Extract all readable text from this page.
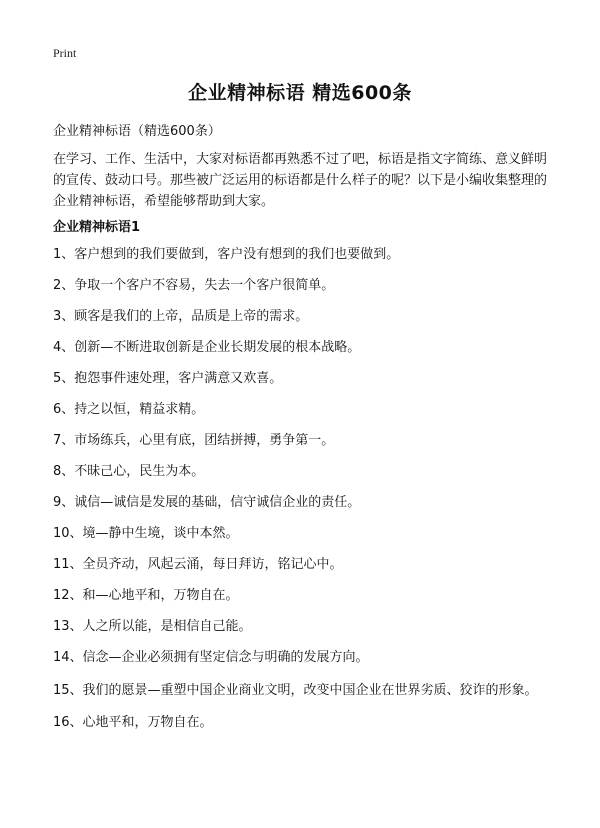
Print
企业精神标语 精选600条

企业精神标语（精选600条）

在学习、工作、生活中，大家对标语都再熟悉不过了吧，标语是指文字简练、意义鲜明的宣传、鼓动口号。那些被广泛运用的标语都是什么样子的呢？以下是小编收集整理的企业精神标语，希望能够帮助到大家。

企业精神标语1
1、客户想到的我们要做到，客户没有想到的我们也要做到。
2、争取一个客户不容易，失去一个客户很简单。
3、顾客是我们的上帝，品质是上帝的需求。
4、创新—不断进取创新是企业长期发展的根本战略。
5、抱怨事件速处理，客户满意又欢喜。
6、持之以恒，精益求精。
7、市场练兵，心里有底，团结拼搏，勇争第一。
8、不昧己心，民生为本。
9、诚信—诚信是发展的基础，信守诚信企业的责任。
10、境—静中生境，谈中本然。
11、全员齐动，风起云涌，每日拜访，铭记心中。
12、和—心地平和，万物自在。
13、人之所以能，是相信自己能。
14、信念—企业必须拥有坚定信念与明确的发展方向。
15、我们的愿景—重塑中国企业商业文明，改变中国企业在世界劣质、狡诈的形象。
16、心地平和，万物自在。
